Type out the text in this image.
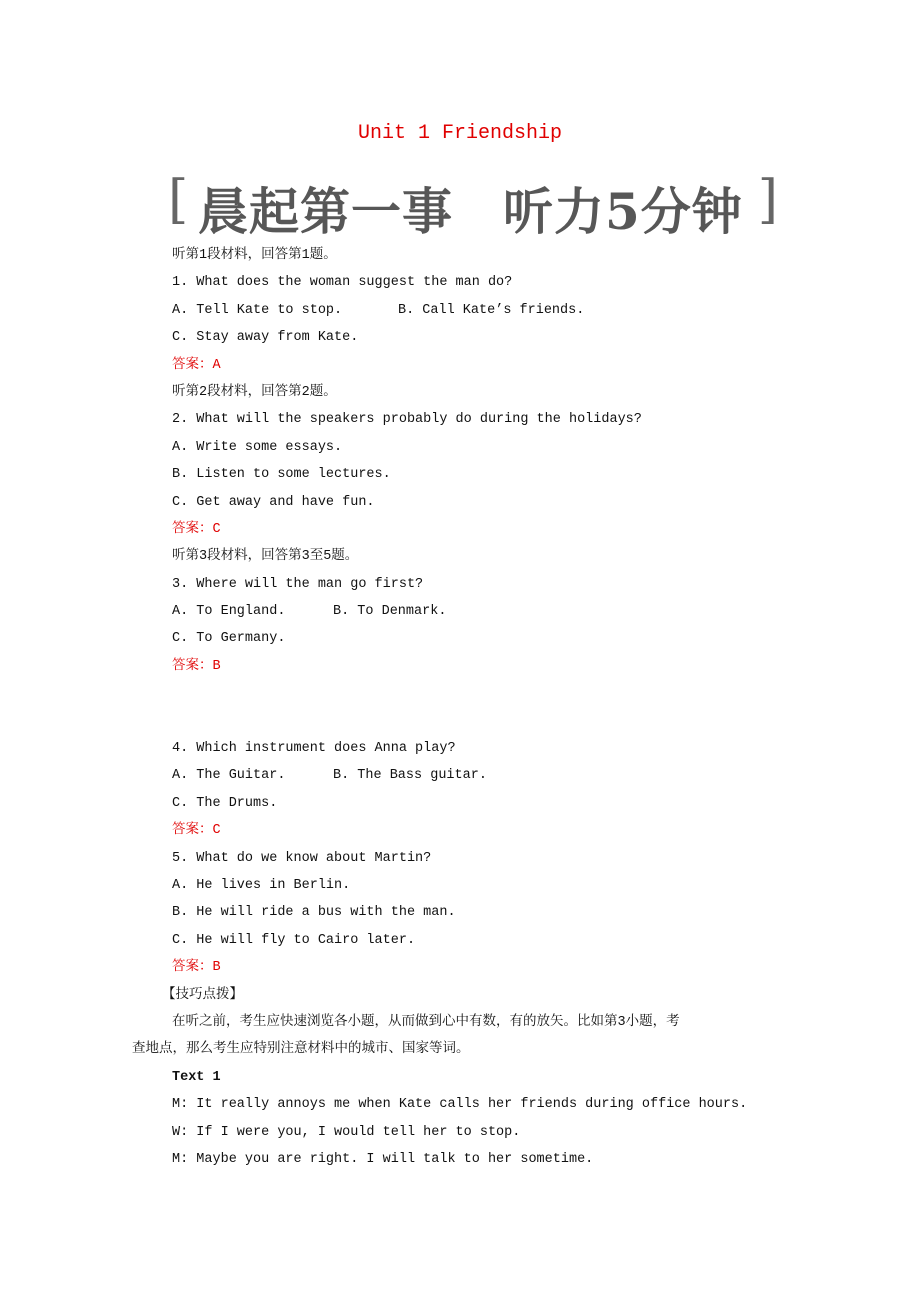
Unit 1 Friendship
[ 晨起第一事 听力5分钟 ]
听第1段材料，回答第1题。
1. What does the woman suggest the man do?
A. Tell Kate to stop.	B. Call Kate’s friends.
C. Stay away from Kate.
答案：A
听第2段材料，回答第2题。
2. What will the speakers probably do during the holidays?
A. Write some essays.
B. Listen to some lectures.
C. Get away and have fun.
答案：C
听第3段材料，回答第3至5题。
3. Where will the man go first?
A. To England.	B. To Denmark.
C. To Germany.
答案：B
4. Which instrument does Anna play?
A. The Guitar.	B. The Bass guitar.
C. The Drums.
答案：C
5. What do we know about Martin?
A. He lives in Berlin.
B. He will ride a bus with the man.
C. He will fly to Cairo later.
答案：B
【技巧点拨】
在听之前，考生应快速浏览各小题，从而做到心中有数，有的放矢。比如第3小题，考
查地点，那么考生应特别注意材料中的城市、国家等词。
Text 1
M: It really annoys me when Kate calls her friends during office hours.
W: If I were you, I would tell her to stop.
M: Maybe you are right. I will talk to her sometime.
